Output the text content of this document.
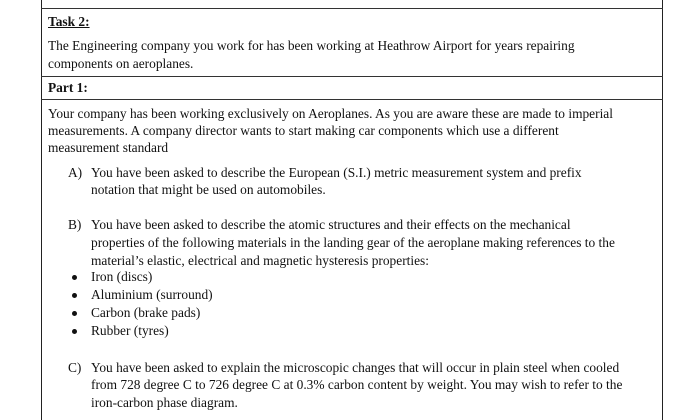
Task 2:
The Engineering company you work for has been working at Heathrow Airport for years repairing
components on aeroplanes.
Part 1:
Your company has been working exclusively on Aeroplanes. As you are aware these are made to imperial
measurements. A company director wants to start making car components which use a different
measurement standard
A) You have been asked to describe the European (S.I.) metric measurement system and prefix
notation that might be used on automobiles.
B) You have been asked to describe the atomic structures and their effects on the mechanical
properties of the following materials in the landing gear of the aeroplane making references to the
material’s elastic, electrical and magnetic hysteresis properties:
Iron (discs)
Aluminium (surround)
Carbon (brake pads)
Rubber (tyres)
C) You have been asked to explain the microscopic changes that will occur in plain steel when cooled
from 728 degree C to 726 degree C at 0.3% carbon content by weight. You may wish to refer to the
iron-carbon phase diagram.
